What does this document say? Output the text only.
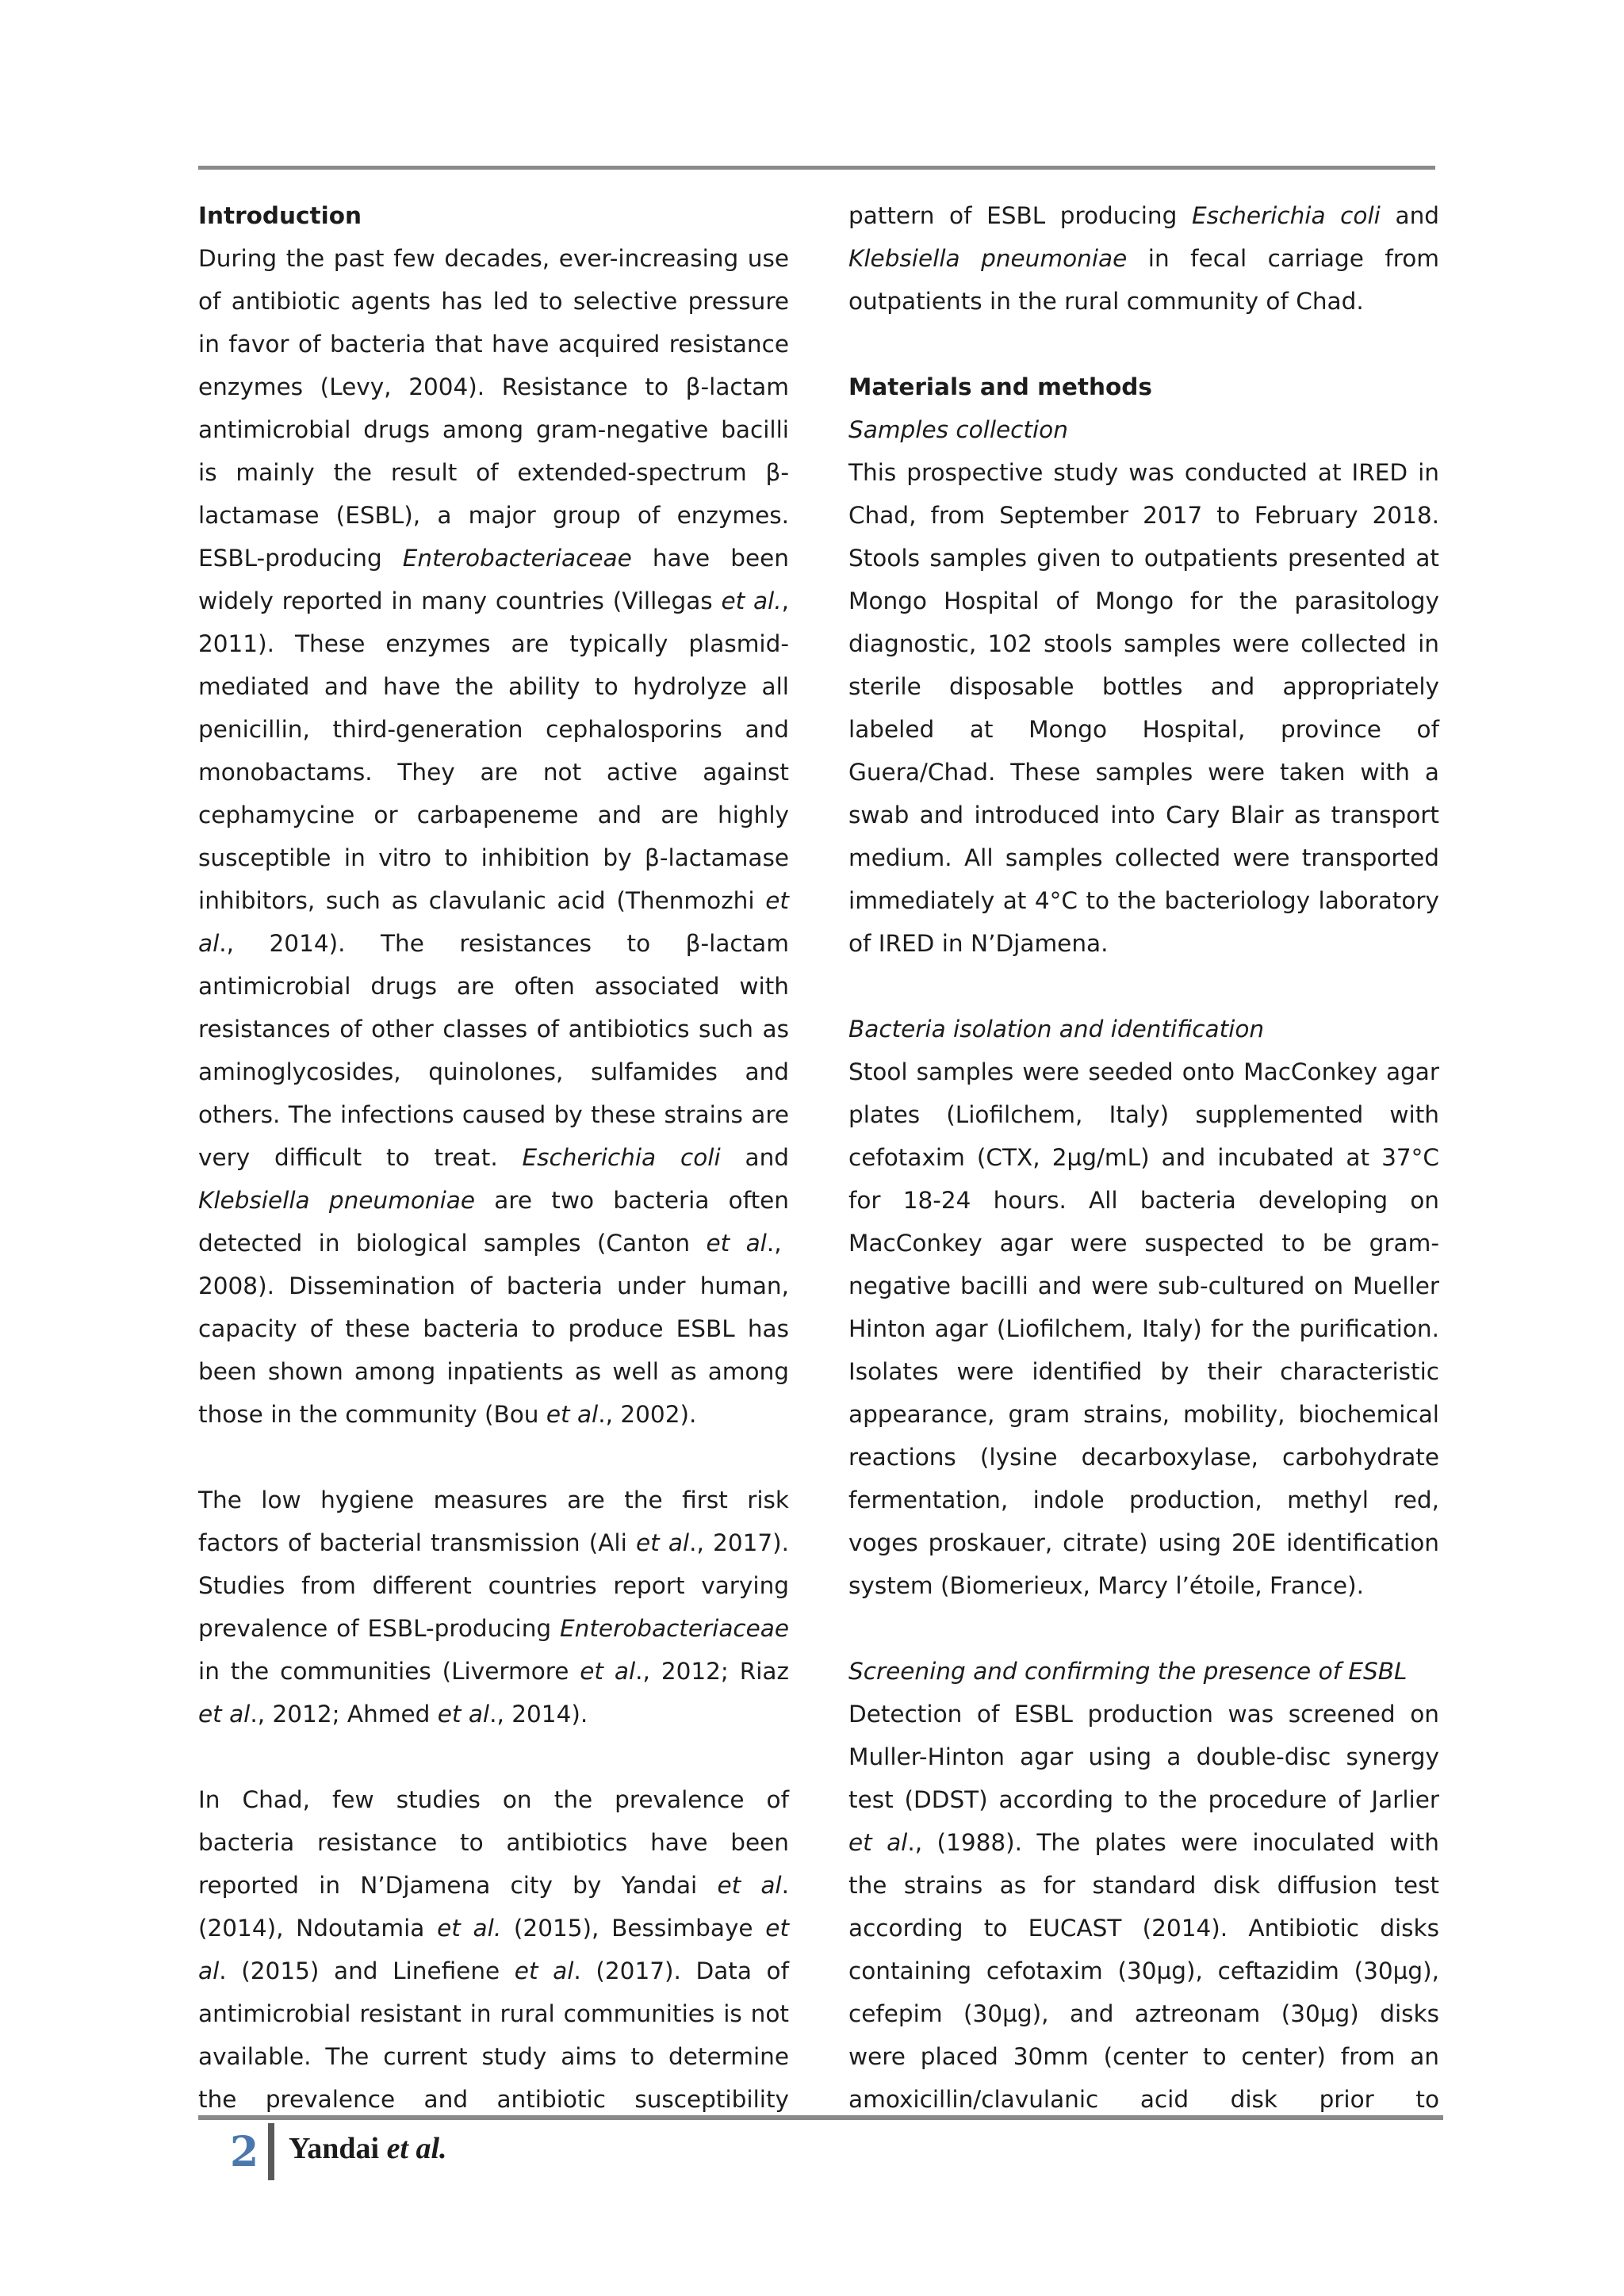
Introduction
During the past few decades, ever-increasing use
of antibiotic agents has led to selective pressure
in favor of bacteria that have acquired resistance
enzymes (Levy, 2004). Resistance to β-lactam
antimicrobial drugs among gram-negative bacilli
is mainly the result of extended-spectrum β-
lactamase (ESBL), a major group of enzymes.
ESBL-producing Enterobacteriaceae have been
widely reported in many countries (Villegas et al.,
2011). These enzymes are typically plasmid-
mediated and have the ability to hydrolyze all
penicillin, third-generation cephalosporins and
monobactams. They are not active against
cephamycine or carbapeneme and are highly
susceptible in vitro to inhibition by β-lactamase
inhibitors, such as clavulanic acid (Thenmozhi et
al., 2014). The resistances to β-lactam
antimicrobial drugs are often associated with
resistances of other classes of antibiotics such as
aminoglycosides, quinolones, sulfamides and
others. The infections caused by these strains are
very difficult to treat. Escherichia coli and
Klebsiella pneumoniae are two bacteria often
detected in biological samples (Canton et al.,
2008). Dissemination of bacteria under human,
capacity of these bacteria to produce ESBL has
been shown among inpatients as well as among
those in the community (Bou et al., 2002).
The low hygiene measures are the first risk
factors of bacterial transmission (Ali et al., 2017).
Studies from different countries report varying
prevalence of ESBL-producing Enterobacteriaceae
in the communities (Livermore et al., 2012; Riaz
et al., 2012; Ahmed et al., 2014).
In Chad, few studies on the prevalence of
bacteria resistance to antibiotics have been
reported in N’Djamena city by Yandai et al.
(2014), Ndoutamia et al. (2015), Bessimbaye et
al. (2015) and Linefiene et al. (2017). Data of
antimicrobial resistant in rural communities is not
available. The current study aims to determine
the prevalence and antibiotic susceptibility
pattern of ESBL producing Escherichia coli and
Klebsiella pneumoniae in fecal carriage from
outpatients in the rural community of Chad.
Materials and methods
Samples collection
This prospective study was conducted at IRED in
Chad, from September 2017 to February 2018.
Stools samples given to outpatients presented at
Mongo Hospital of Mongo for the parasitology
diagnostic, 102 stools samples were collected in
sterile disposable bottles and appropriately
labeled at Mongo Hospital, province of
Guera/Chad. These samples were taken with a
swab and introduced into Cary Blair as transport
medium. All samples collected were transported
immediately at 4°C to the bacteriology laboratory
of IRED in N’Djamena.
Bacteria isolation and identification
Stool samples were seeded onto MacConkey agar
plates (Liofilchem, Italy) supplemented with
cefotaxim (CTX, 2µg/mL) and incubated at 37°C
for 18-24 hours. All bacteria developing on
MacConkey agar were suspected to be gram-
negative bacilli and were sub-cultured on Mueller
Hinton agar (Liofilchem, Italy) for the purification.
Isolates were identified by their characteristic
appearance, gram strains, mobility, biochemical
reactions (lysine decarboxylase, carbohydrate
fermentation, indole production, methyl red,
voges proskauer, citrate) using 20E identification
system (Biomerieux, Marcy l’étoile, France).
Screening and confirming the presence of ESBL
Detection of ESBL production was screened on
Muller-Hinton agar using a double-disc synergy
test (DDST) according to the procedure of Jarlier
et al., (1988). The plates were inoculated with
the strains as for standard disk diffusion test
according to EUCAST (2014). Antibiotic disks
containing cefotaxim (30µg), ceftazidim (30µg),
cefepim (30µg), and aztreonam (30µg) disks
were placed 30mm (center to center) from an
amoxicillin/clavulanic acid disk prior to
2 Yandai et al.
